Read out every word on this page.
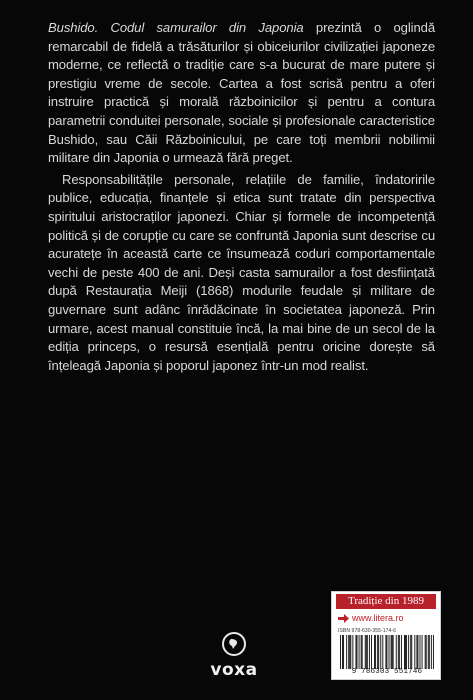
Bushido. Codul samurailor din Japonia prezintă o oglindă remarcabil de fidelă a trăsăturilor și obiceiurilor civilizației japoneze moderne, ce reflectă o tradiție care s-a bucurat de mare putere și prestigiu vreme de secole. Cartea a fost scrisă pentru a oferi instruire practică și morală războinicilor și pentru a contura parametrii conduitei personale, sociale și profesionale caracteristice Bushido, sau Căii Războinicului, pe care toți membrii nobilimii militare din Japonia o urmează fără preget.

Responsabilitățile personale, relațiile de familie, îndatoririle publice, educația, finanțele și etica sunt tratate din perspectiva spiritului aristocraților japonezi. Chiar și formele de incompetență politică și de corupție cu care se confruntă Japonia sunt descrise cu acuratețe în această carte ce însumează coduri comportamentale vechi de peste 400 de ani. Deși casta samurailor a fost desființată după Restaurația Meiji (1868) modurile feudale și militare de guvernare sunt adânc înrădăcinate în societatea japoneză. Prin urmare, acest manual constituie încă, la mai bine de un secol de la ediția princeps, o resursă esențială pentru oricine dorește să înțeleagă Japonia și poporul japonez într-un mod realist.

voxa
Tradiție din 1989
www.litera.ro
ISBN 978-630-355-174-6
9 786303 551746
